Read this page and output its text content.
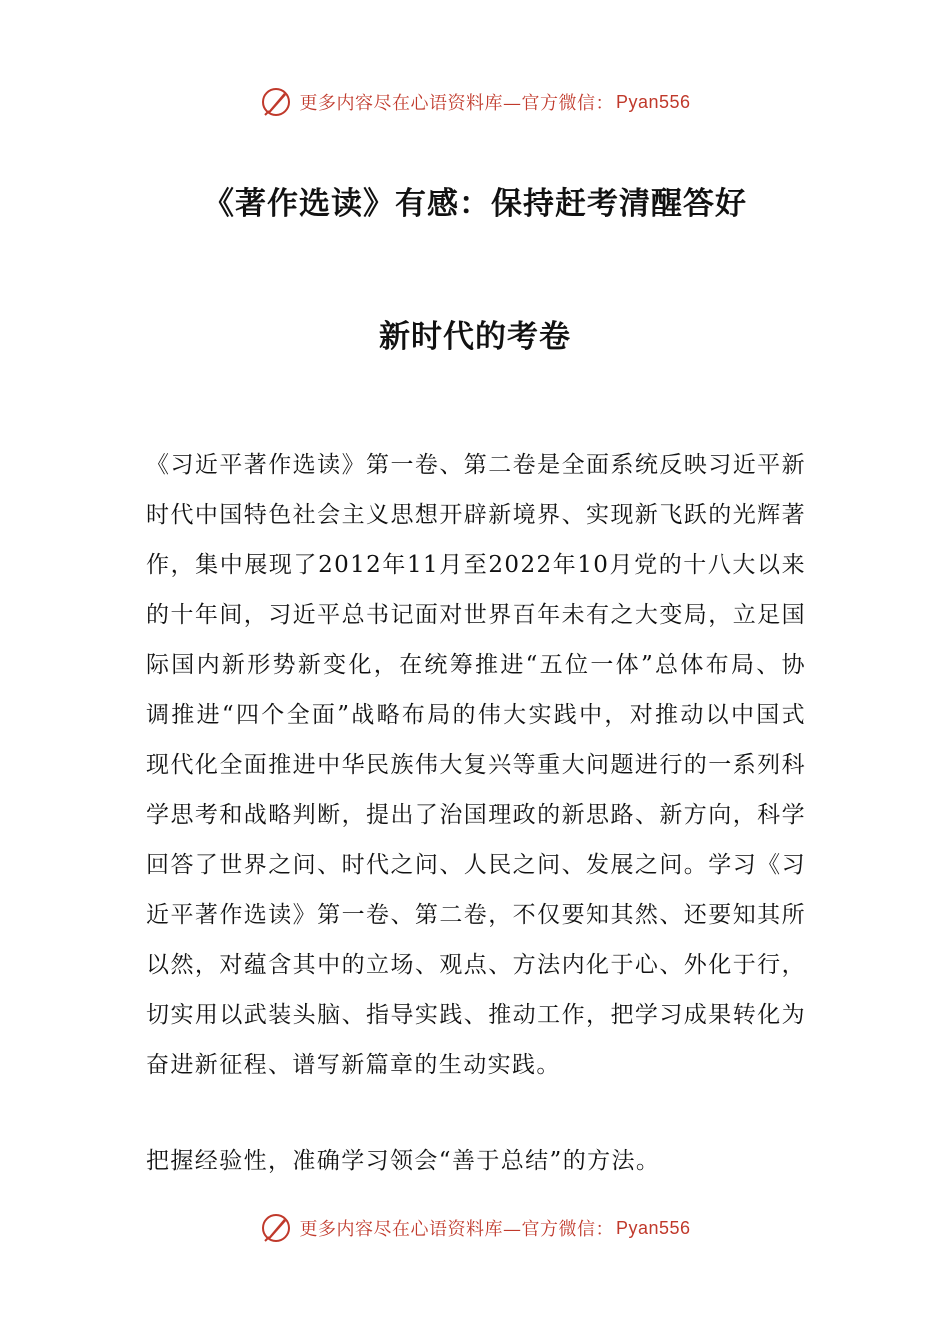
更多内容尽在心语资料库—官方微信： Pyan556
《著作选读》有感：保持赶考清醒答好
新时代的考卷

《习近平著作选读》第一卷、第二卷是全面系统反映习近平新时代中国特色社会主义思想开辟新境界、实现新飞跃的光辉著作，集中展现了2012年11月至2022年10月党的十八大以来的十年间，习近平总书记面对世界百年未有之大变局，立足国际国内新形势新变化，在统筹推进“五位一体”总体布局、协调推进“四个全面”战略布局的伟大实践中，对推动以中国式现代化全面推进中华民族伟大复兴等重大问题进行的一系列科学思考和战略判断，提出了治国理政的新思路、新方向，科学回答了世界之问、时代之问、人民之问、发展之问。学习《习近平著作选读》第一卷、第二卷，不仅要知其然、还要知其所以然，对蕴含其中的立场、观点、方法内化于心、外化于行，切实用以武装头脑、指导实践、推动工作，把学习成果转化为奋进新征程、谱写新篇章的生动实践。

把握经验性，准确学习领会“善于总结”的方法。

更多内容尽在心语资料库—官方微信： Pyan556
